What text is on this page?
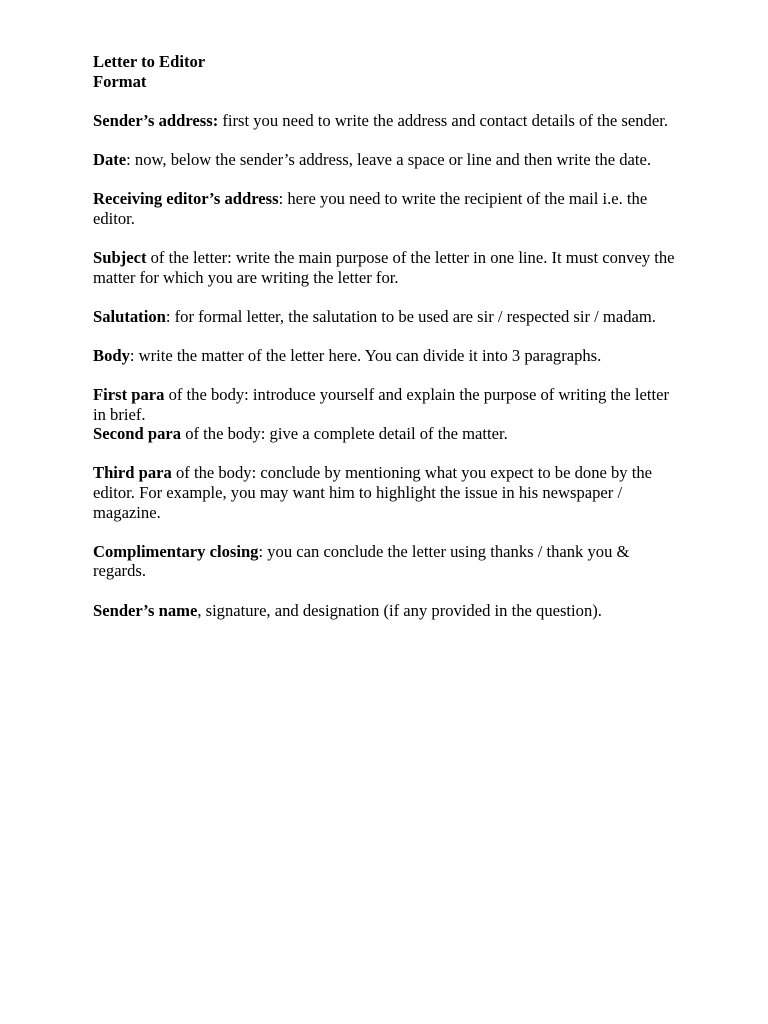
Letter to Editor

Format

Sender’s address: first you need to write the address and contact details of the sender.

Date: now, below the sender’s address, leave a space or line and then write the date.

Receiving editor’s address: here you need to write the recipient of the mail i.e. the editor.

Subject of the letter: write the main purpose of the letter in one line. It must convey the matter for which you are writing the letter for.

Salutation: for formal letter, the salutation to be used are sir / respected sir / madam.

Body: write the matter of the letter here. You can divide it into 3 paragraphs.

First para of the body: introduce yourself and explain the purpose of writing the letter in brief.

Second para of the body: give a complete detail of the matter.

Third para of the body: conclude by mentioning what you expect to be done by the editor. For example, you may want him to highlight the issue in his newspaper / magazine.

Complimentary closing: you can conclude the letter using thanks / thank you & regards.

Sender’s name, signature, and designation (if any provided in the question).
